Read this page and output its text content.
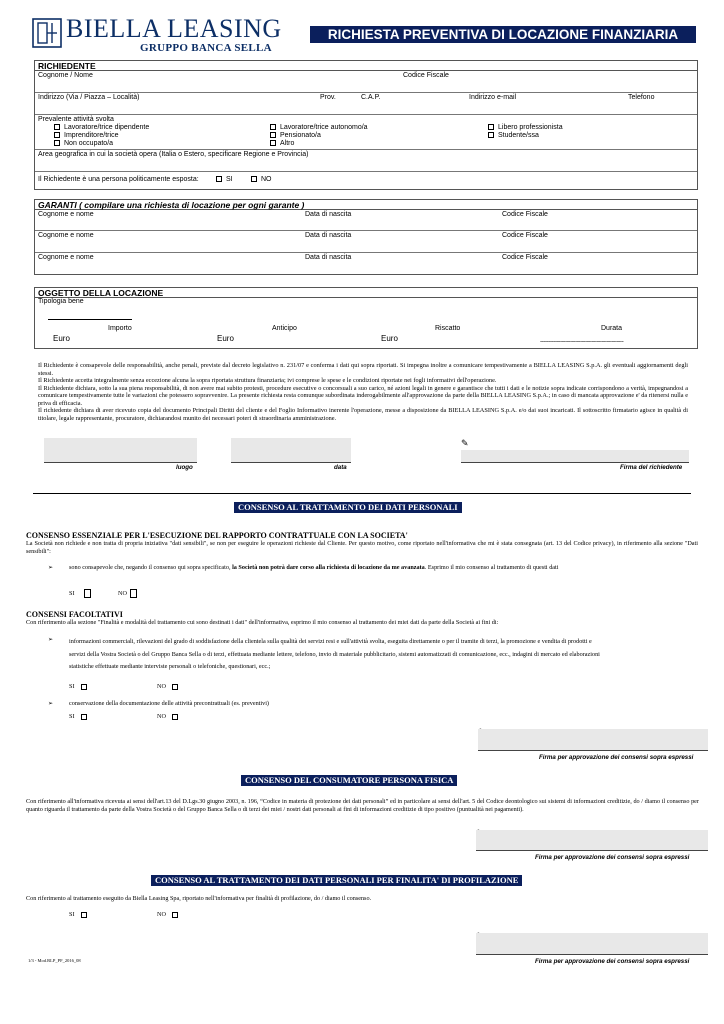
BIELLA LEASING
GRUPPO BANCA SELLA
RICHIESTA PREVENTIVA DI LOCAZIONE FINANZIARIA
RICHIEDENTE
Cognome / Nome	Codice Fiscale
Indirizzo (Via / Piazza – Località)	Prov.	C.A.P.	Indirizzo e-mail	Telefono
Prevalente attività svolta
Lavoratore/trice dipendente	Lavoratore/trice autonomo/a	Libero professionista
Imprenditore/trice	Pensionato/a	Studente/ssa
Non occupato/a	Altro
Area geografica in cui la società opera (Italia o Estero, specificare Regione e Provincia)
Il Richiedente è una persona politicamente esposta:	SI	NO
GARANTI ( compilare una richiesta di locazione per ogni garante )
Cognome e nome	Data di nascita	Codice Fiscale
Cognome e nome	Data di nascita	Codice Fiscale
Cognome e nome	Data di nascita	Codice Fiscale
OGGETTO DELLA LOCAZIONE
Tipologia bene
Importo	Anticipo	Riscatto	Durata
Euro	Euro	Euro	--------------------------------------------------
Il Richiedente è consapevole delle responsabilità, anche penali, previste dal decreto legislativo n. 231/07 e conferma i dati qui sopra riportati. Si impegna inoltre a comunicare tempestivamente a BIELLA LEASING S.p.A. gli eventuali aggiornamenti degli stessi.
Il Richiedente accetta integralmente senza eccezione alcuna la sopra riportata struttura finanziaria; ivi comprese le spese e le condizioni riportate nei fogli informativi dell'operazione.
Il Richiedente dichiara, sotto la sua piena responsabilità, di non avere mai subito protesti, procedure esecutive o concorsuali a suo carico, né azioni legali in genere e garantisce che tutti i dati e le notizie sopra indicate corrispondono a verità, impegnandosi a comunicare tempestivamente tutte le variazioni che potessero sopravvenire. La presente richiesta resta comunque subordinata inderogabilmente all'approvazione da parte della BIELLA LEASING S.p.A.; in caso di mancata approvazione e' da ritenersi nulla e priva di efficacia.
Il richiedente dichiara di aver ricevuto copia del documento Principali Diritti del cliente e del Foglio Informativo inerente l'operazione, messe a disposizione da BIELLA LEASING S.p.A. e/o dai suoi incaricati. Il sottoscritto firmatario agisce in qualità di titolare, legale rappresentante, procuratore, dichiarandosi munito dei necessari poteri di straordinaria amministrazione.
✎
luogo	data	Firma del richiedente
CONSENSO AL TRATTAMENTO DEI DATI PERSONALI
CONSENSO ESSENZIALE PER L'ESECUZIONE DEL RAPPORTO CONTRATTUALE CON LA SOCIETA'
La Società non richiede e non tratta di propria iniziativa "dati sensibili", se non per eseguire le operazioni richieste dal Cliente. Per questo motivo, come riportato nell'informativa che mi è stata consegnata (art. 13 del Codice privacy), in riferimento alla sezione "Dati sensibili":
➢	sono consapevole che, negando il consenso qui sopra specificato, la Società non potrà dare corso alla richiesta di locazione da me avanzata. Esprimo il mio consenso al trattamento di questi dati
SI	NO
CONSENSI FACOLTATIVI
Con riferimento alla sezione "Finalità e modalità del trattamento cui sono destinati i dati" dell'informativa, esprimo il mio consenso al trattamento dei miei dati da parte della Società ai fini di:
➢	informazioni commerciali, rilevazioni del grado di soddisfazione della clientela sulla qualità dei servizi resi e sull'attività svolta, eseguita direttamente o per il tramite di terzi, la promozione e vendita di prodotti e
servizi della Vostra Società o del Gruppo Banca Sella o di terzi, effettuata mediante lettere, telefono, invio di materiale pubblicitario, sistemi automatizzati di comunicazione, ecc., indagini di mercato ed elaborazioni
statistiche effettuate mediante interviste personali o telefoniche, questionari, ecc.;
SI	NO
➢	conservazione della documentazione delle attività precontrattuali (es. preventivi)
SI	NO
Firma per approvazione dei consensi sopra espressi
CONSENSO DEL CONSUMATORE PERSONA FISICA
Con riferimento all'informativa ricevuta ai sensi dell'art.13 del D.Lgs.30 giugno 2003, n. 196, “Codice in materia di protezione dei dati personali” ed in particolare ai sensi dell'art. 5 del Codice deontologico sui sistemi di informazioni creditizie, do / diamo il consenso per quanto riguarda il trattamento da parte della Vostra Società o del Gruppo Banca Sella o di terzi dei miei / nostri dati personali ai fini di informazioni creditizie di tipo positivo (puntualità nei pagamenti).
Firma per approvazione dei consensi sopra espressi
CONSENSO AL TRATTAMENTO DEI DATI PERSONALI PER FINALITA' DI PROFILAZIONE
Con riferimento al trattamento eseguito da Biella Leasing Spa, riportato nell'informativa per finalità di profilazione, do / diamo il consenso.
SI	NO
Firma per approvazione dei consensi sopra espressi
1/3 - Mod.RLP_PF_2016_08
